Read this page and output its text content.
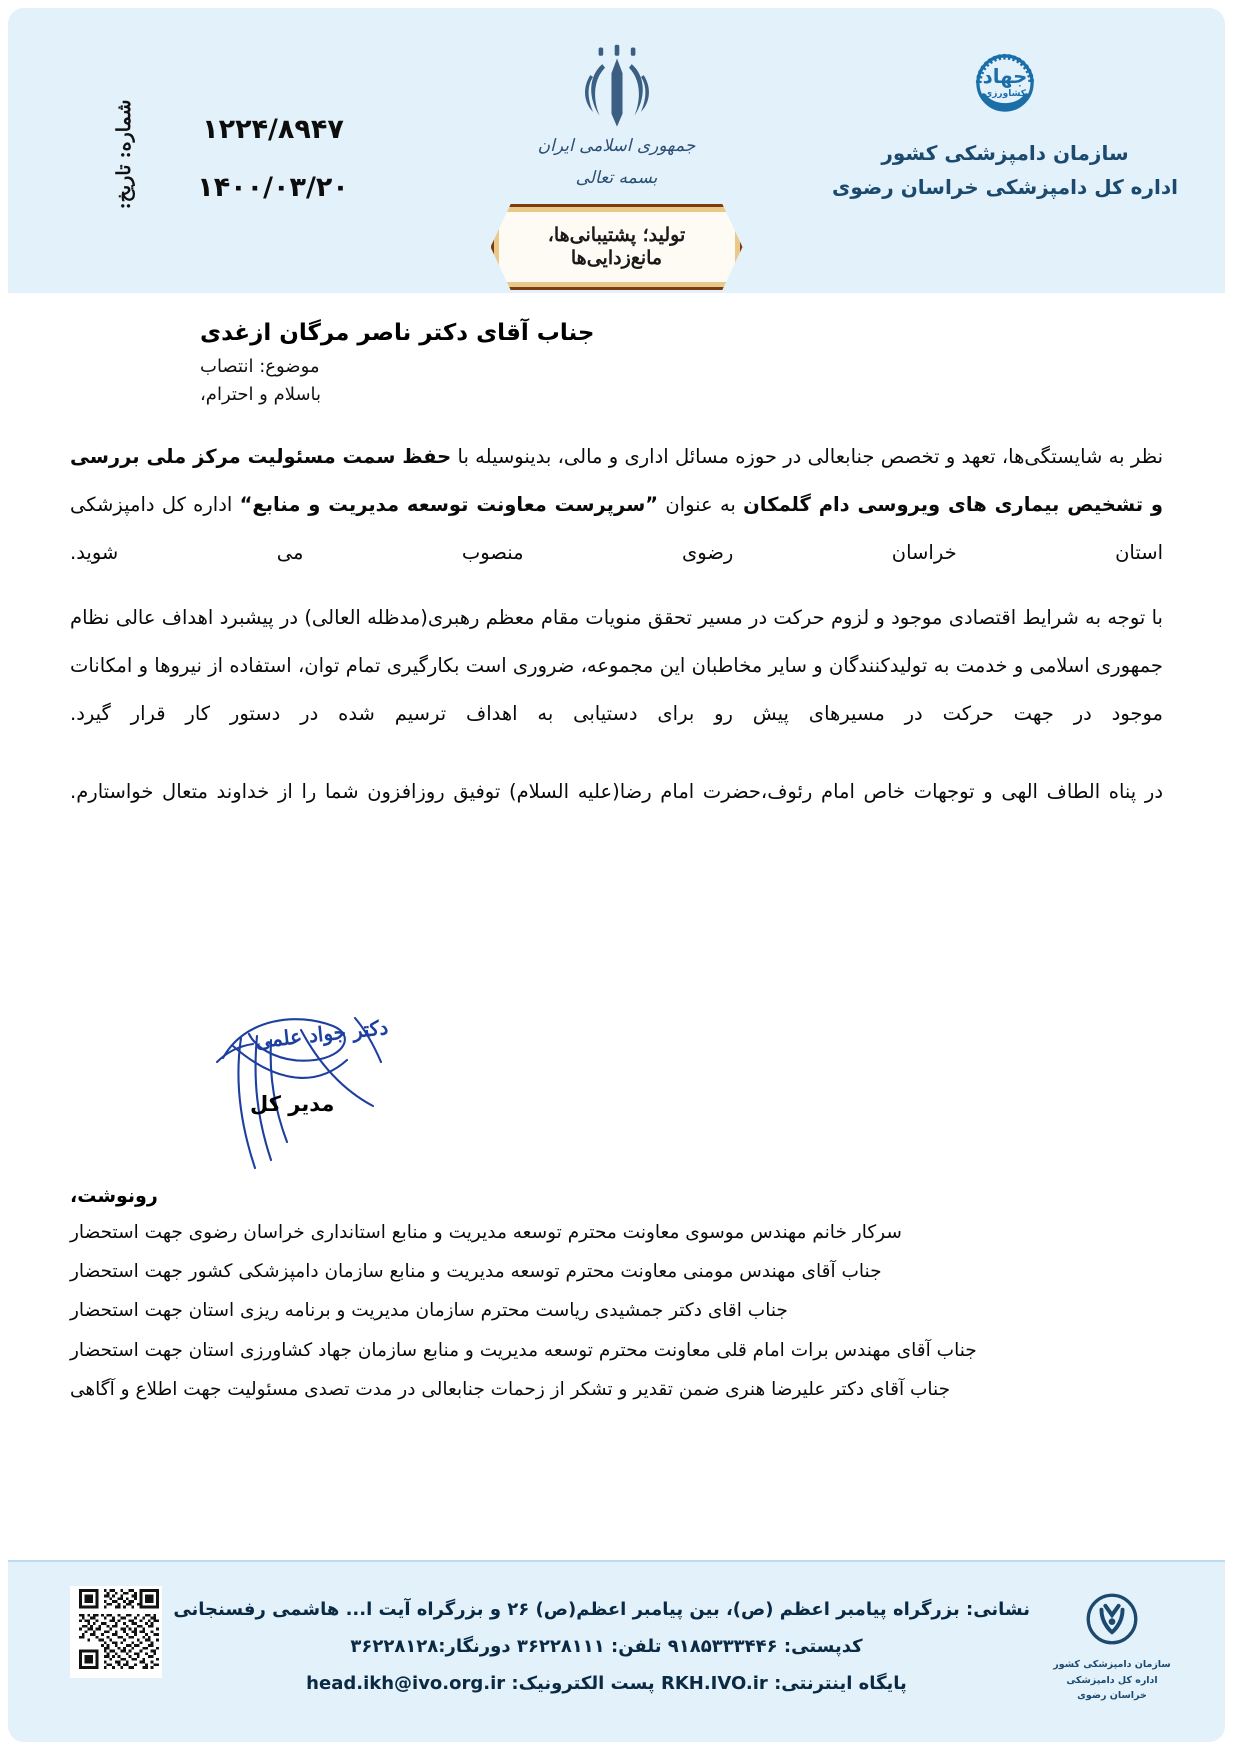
۱۲۲۴/۸۹۴۷
شماره:
۱۴۰۰/۰۳/۲۰
تاریخ:
جمهوری اسلامی ایران
بسمه تعالی
تولید؛ پشتیبانی‌ها، مانع‌زدایی‌ها
جهاد
کشاورزی
سازمان دامپزشکی کشور
اداره کل دامپزشکی خراسان رضوی
جناب آقای دکتر ناصر مرگان ازغدی
موضوع: انتصاب
باسلام و احترام،

نظر به شایستگی‌ها، تعهد و تخصص جنابعالی در حوزه مسائل اداری و مالی، بدینوسیله با حفظ سمت مسئولیت مرکز ملی بررسی و تشخیص بیماری های ویروسی دام گلمکان به عنوان ”سرپرست معاونت توسعه مدیریت و منابع“ اداره کل دامپزشکی استان خراسان رضوی منصوب می شوید.

با توجه به شرایط اقتصادی موجود و لزوم حرکت در مسیر تحقق منویات مقام معظم رهبری(مدظله العالی) در پیشبرد اهداف عالی نظام جمهوری اسلامی و خدمت به تولیدکنندگان و سایر مخاطبان این مجموعه، ضروری است بکارگیری تمام توان، استفاده از نیروها و امکانات موجود در جهت حرکت در مسیرهای پیش رو برای دستیابی به اهداف ترسیم شده در دستور کار قرار گیرد.

در پناه الطاف الهی و توجهات خاص امام رئوف،حضرت امام رضا(علیه السلام) توفیق روزافزون شما را از خداوند متعال خواستارم.

دکتر جواد علمی
مدیر کل
رونوشت،
سرکار خانم مهندس موسوی معاونت محترم توسعه مدیریت و منابع استانداری خراسان رضوی جهت استحضار
جناب آقای مهندس مومنی معاونت محترم توسعه مدیریت و منابع سازمان دامپزشکی کشور جهت استحضار
جناب اقای دکتر جمشیدی ریاست محترم سازمان مدیریت و برنامه ریزی استان جهت استحضار
جناب آقای مهندس برات امام قلی معاونت محترم توسعه مدیریت و منابع سازمان جهاد کشاورزی استان جهت استحضار
جناب آقای دکتر علیرضا هنری ضمن تقدیر و تشکر از زحمات جنابعالی در مدت تصدی مسئولیت جهت اطلاع و آگاهی
نشانی: بزرگراه پیامبر اعظم (ص)، بین پیامبر اعظم(ص) ۲۶ و بزرگراه آیت ا... هاشمی رفسنجانی
کدپستی: ۹۱۸۵۳۳۳۴۴۶ تلفن: ۳۶۲۲۸۱۱۱ دورنگار:۳۶۲۲۸۱۲۸
پایگاه اینترنتی: RKH.IVO.ir پست الکترونیک: head.ikh@ivo.org.ir
سازمان دامپزشکی کشور
اداره کل دامپزشکی خراسان رضوی
